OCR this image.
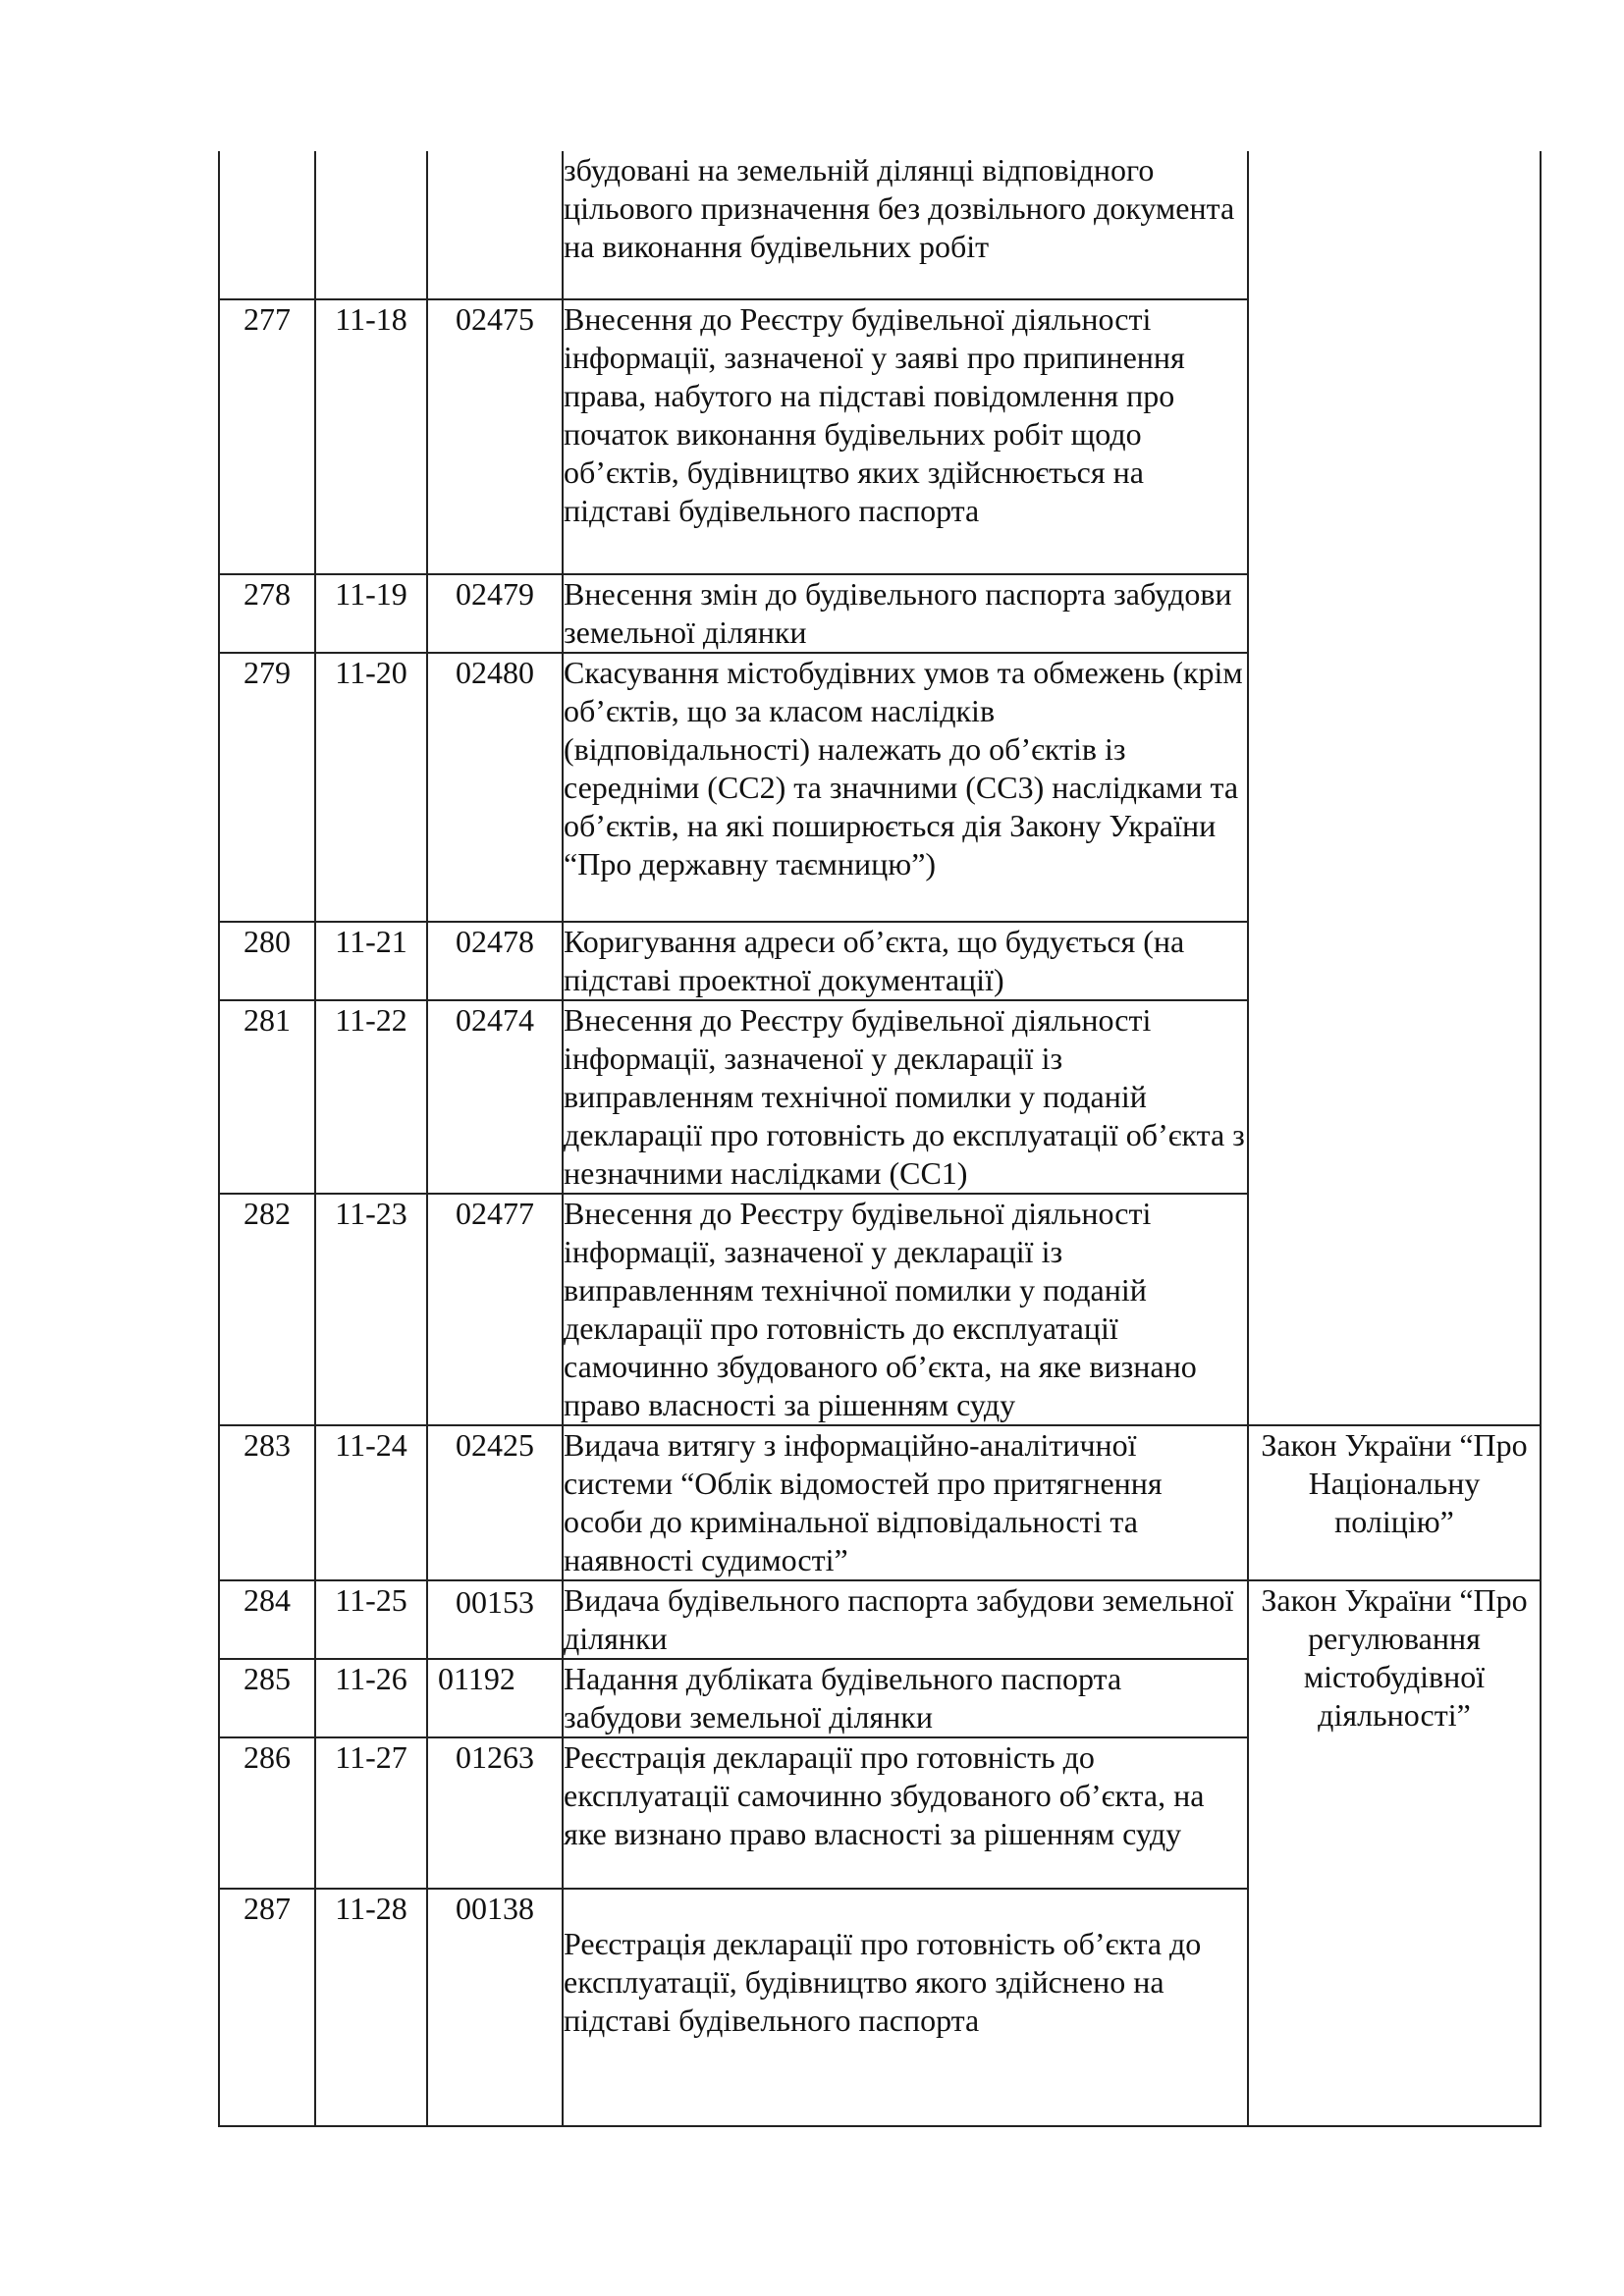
			збудовані на земельній ділянці відповідного цільового призначення без дозвільного документа на виконання будівельних робіт	
277	11-18	02475	Внесення до Реєстру будівельної діяльності інформації, зазначеної у заяві про припинення права, набутого на підставі повідомлення про початок виконання будівельних робіт щодо об’єктів, будівництво яких здійснюється на підставі будівельного паспорта	
278	11-19	02479	Внесення змін до будівельного паспорта забудови земельної ділянки	
279	11-20	02480	Скасування містобудівних умов та обмежень (крім об’єктів, що за класом наслідків (відповідальності) належать до об’єктів із середніми (СС2) та значними (СС3) наслідками та об’єктів, на які поширюється дія Закону України “Про державну таємницю”)	
280	11-21	02478	Коригування адреси об’єкта, що будується (на підставі проектної документації)	
281	11-22	02474	Внесення до Реєстру будівельної діяльності інформації, зазначеної у декларації із виправленням технічної помилки у поданій декларації про готовність до експлуатації об’єкта з незначними наслідками (СС1)	
282	11-23	02477	Внесення до Реєстру будівельної діяльності інформації, зазначеної у декларації із виправленням технічної помилки у поданій декларації про готовність до експлуатації самочинно збудованого об’єкта, на яке визнано право власності за рішенням суду	
283	11-24	02425	Видача витягу з інформаційно-аналітичної системи “Облік відомостей про притягнення особи до кримінальної відповідальності та наявності судимості”	Закон України “Про Національну поліцію”
284	11-25	00153	Видача будівельного паспорта забудови земельної ділянки	Закон України “Про регулювання містобудівної діяльності”
285	11-26	01192	Надання дубліката будівельного паспорта забудови земельної ділянки	
286	11-27	01263	Реєстрація декларації про готовність до експлуатації самочинно збудованого об’єкта, на яке визнано право власності за рішенням суду	
287	11-28	00138	Реєстрація декларації про готовність об’єкта до експлуатації, будівництво якого здійснено на підставі будівельного паспорта	
